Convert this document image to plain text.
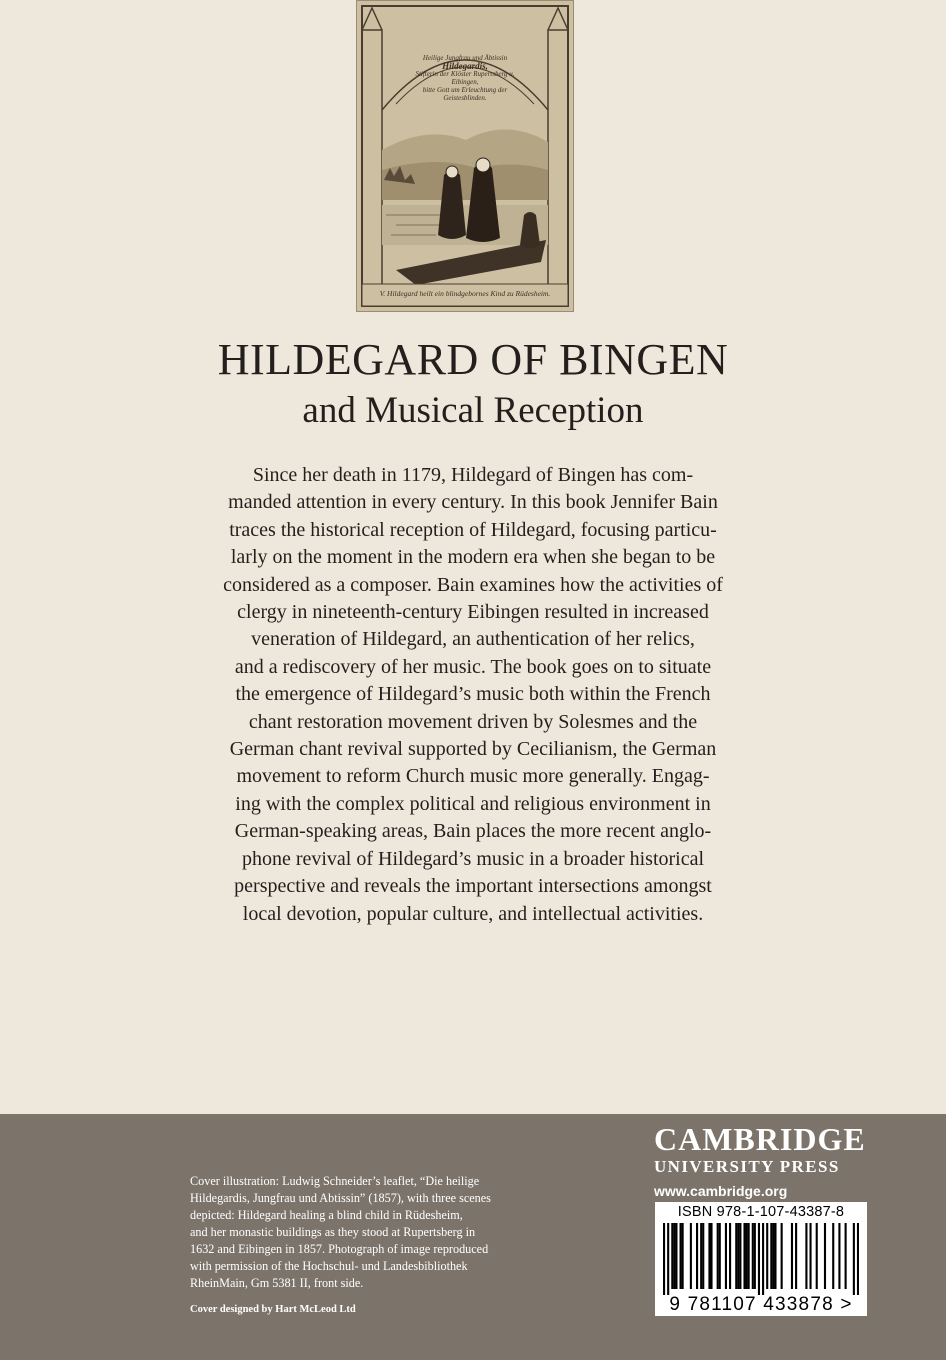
Heilige Jungfrau und Äbtissin
Hildegardis,
Stifterin der Klöster Rupertsberg u. Eibingen,
bitte Gott um Erleuchtung der Geistesblinden.
V. Hildegard heilt ein blindgebornes Kind zu Rüdesheim.
HILDEGARD OF BINGEN
and Musical Reception
Since her death in 1179, Hildegard of Bingen has com-
manded attention in every century. In this book Jennifer Bain
traces the historical reception of Hildegard, focusing particu-
larly on the moment in the modern era when she began to be
considered as a composer. Bain examines how the activities of
clergy in nineteenth-century Eibingen resulted in increased
veneration of Hildegard, an authentication of her relics,
and a rediscovery of her music. The book goes on to situate
the emergence of Hildegard’s music both within the French
chant restoration movement driven by Solesmes and the
German chant revival supported by Cecilianism, the German
movement to reform Church music more generally. Engag-
ing with the complex political and religious environment in
German-speaking areas, Bain places the more recent anglo-
phone revival of Hildegard’s music in a broader historical
perspective and reveals the important intersections amongst
local devotion, popular culture, and intellectual activities.
Cover illustration: Ludwig Schneider’s leaflet, “Die heilige
Hildegardis, Jungfrau und Abtissin” (1857), with three scenes
depicted: Hildegard healing a blind child in Rüdesheim,
and her monastic buildings as they stood at Rupertsberg in
1632 and Eibingen in 1857. Photograph of image reproduced
with permission of the Hochschul- und Landesbibliothek
RheinMain, Gm 5381 II, front side.
Cover designed by Hart McLeod Ltd
CAMBRIDGE
UNIVERSITY PRESS
www.cambridge.org
ISBN 978-1-107-43387-8
9 781107 433878 >
